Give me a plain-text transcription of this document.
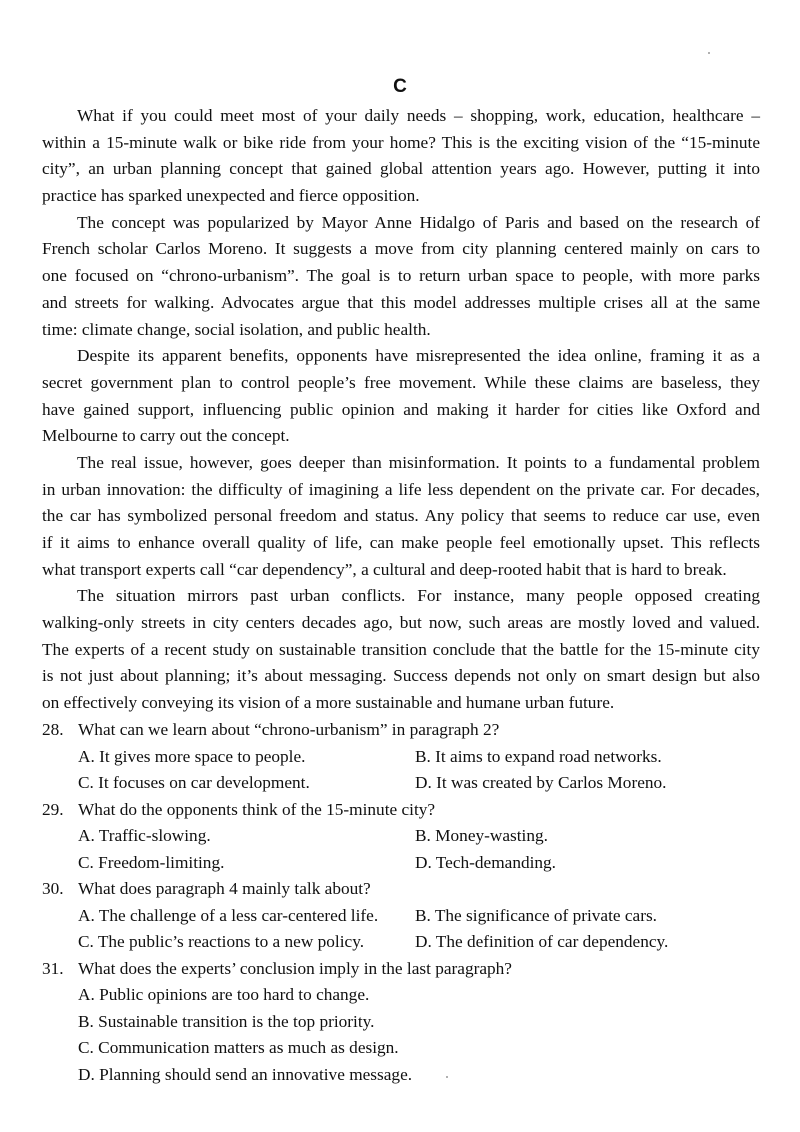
C
What if you could meet most of your daily needs – shopping, work, education, healthcare –
within a 15-minute walk or bike ride from your home? This is the exciting vision of the “15-minute
city”, an urban planning concept that gained global attention years ago. However, putting it into
practice has sparked unexpected and fierce opposition.
The concept was popularized by Mayor Anne Hidalgo of Paris and based on the research of
French scholar Carlos Moreno. It suggests a move from city planning centered mainly on cars to
one focused on “chrono-urbanism”. The goal is to return urban space to people, with more parks
and streets for walking. Advocates argue that this model addresses multiple crises all at the same
time: climate change, social isolation, and public health.
Despite its apparent benefits, opponents have misrepresented the idea online, framing it as a
secret government plan to control people’s free movement. While these claims are baseless, they
have gained support, influencing public opinion and making it harder for cities like Oxford and
Melbourne to carry out the concept.
The real issue, however, goes deeper than misinformation. It points to a fundamental problem
in urban innovation: the difficulty of imagining a life less dependent on the private car. For decades,
the car has symbolized personal freedom and status. Any policy that seems to reduce car use, even
if it aims to enhance overall quality of life, can make people feel emotionally upset. This reflects
what transport experts call “car dependency”, a cultural and deep-rooted habit that is hard to break.
The situation mirrors past urban conflicts. For instance, many people opposed creating
walking-only streets in city centers decades ago, but now, such areas are mostly loved and valued.
The experts of a recent study on sustainable transition conclude that the battle for the 15-minute city
is not just about planning; it’s about messaging. Success depends not only on smart design but also
on effectively conveying its vision of a more sustainable and humane urban future.
28. What can we learn about “chrono-urbanism” in paragraph 2?
A. It gives more space to people.	B. It aims to expand road networks.
C. It focuses on car development.	D. It was created by Carlos Moreno.
29. What do the opponents think of the 15-minute city?
A. Traffic-slowing.	B. Money-wasting.
C. Freedom-limiting.	D. Tech-demanding.
30. What does paragraph 4 mainly talk about?
A. The challenge of a less car-centered life. B. The significance of private cars.
C. The public’s reactions to a new policy.	D. The definition of car dependency.
31. What does the experts’ conclusion imply in the last paragraph?
A. Public opinions are too hard to change.
B. Sustainable transition is the top priority.
C. Communication matters as much as design.
D. Planning should send an innovative message.
